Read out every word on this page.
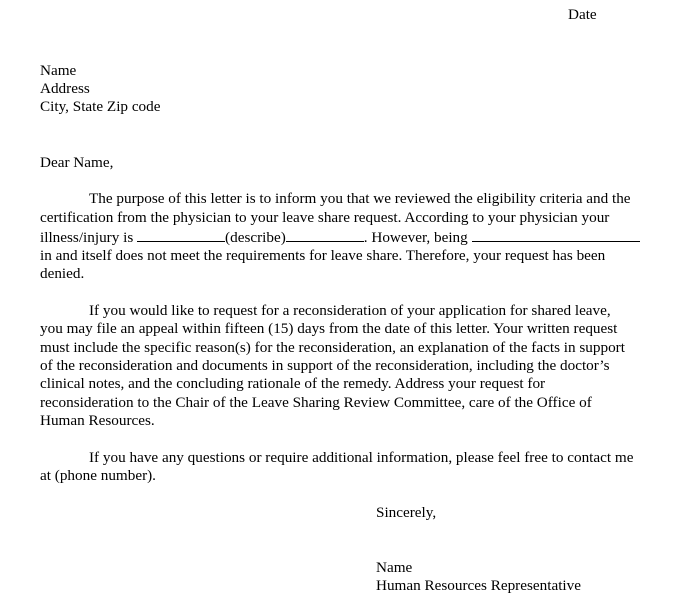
Date
Name
Address
City, State Zip code
Dear Name,
The purpose of this letter is to inform you that we reviewed the eligibility criteria and the
certification from the physician to your leave share request. According to your physician your
illness/injury is	(describe)	. However, being
in and itself does not meet the requirements for leave share. Therefore, your request has been
denied.
If you would like to request for a reconsideration of your application for shared leave,
you may file an appeal within fifteen (15) days from the date of this letter. Your written request
must include the specific reason(s) for the reconsideration, an explanation of the facts in support
of the reconsideration and documents in support of the reconsideration, including the doctor’s
clinical notes, and the concluding rationale of the remedy. Address your request for
reconsideration to the Chair of the Leave Sharing Review Committee, care of the Office of
Human Resources.
If you have any questions or require additional information, please feel free to contact me
at (phone number).
Sincerely,
Name
Human Resources Representative
